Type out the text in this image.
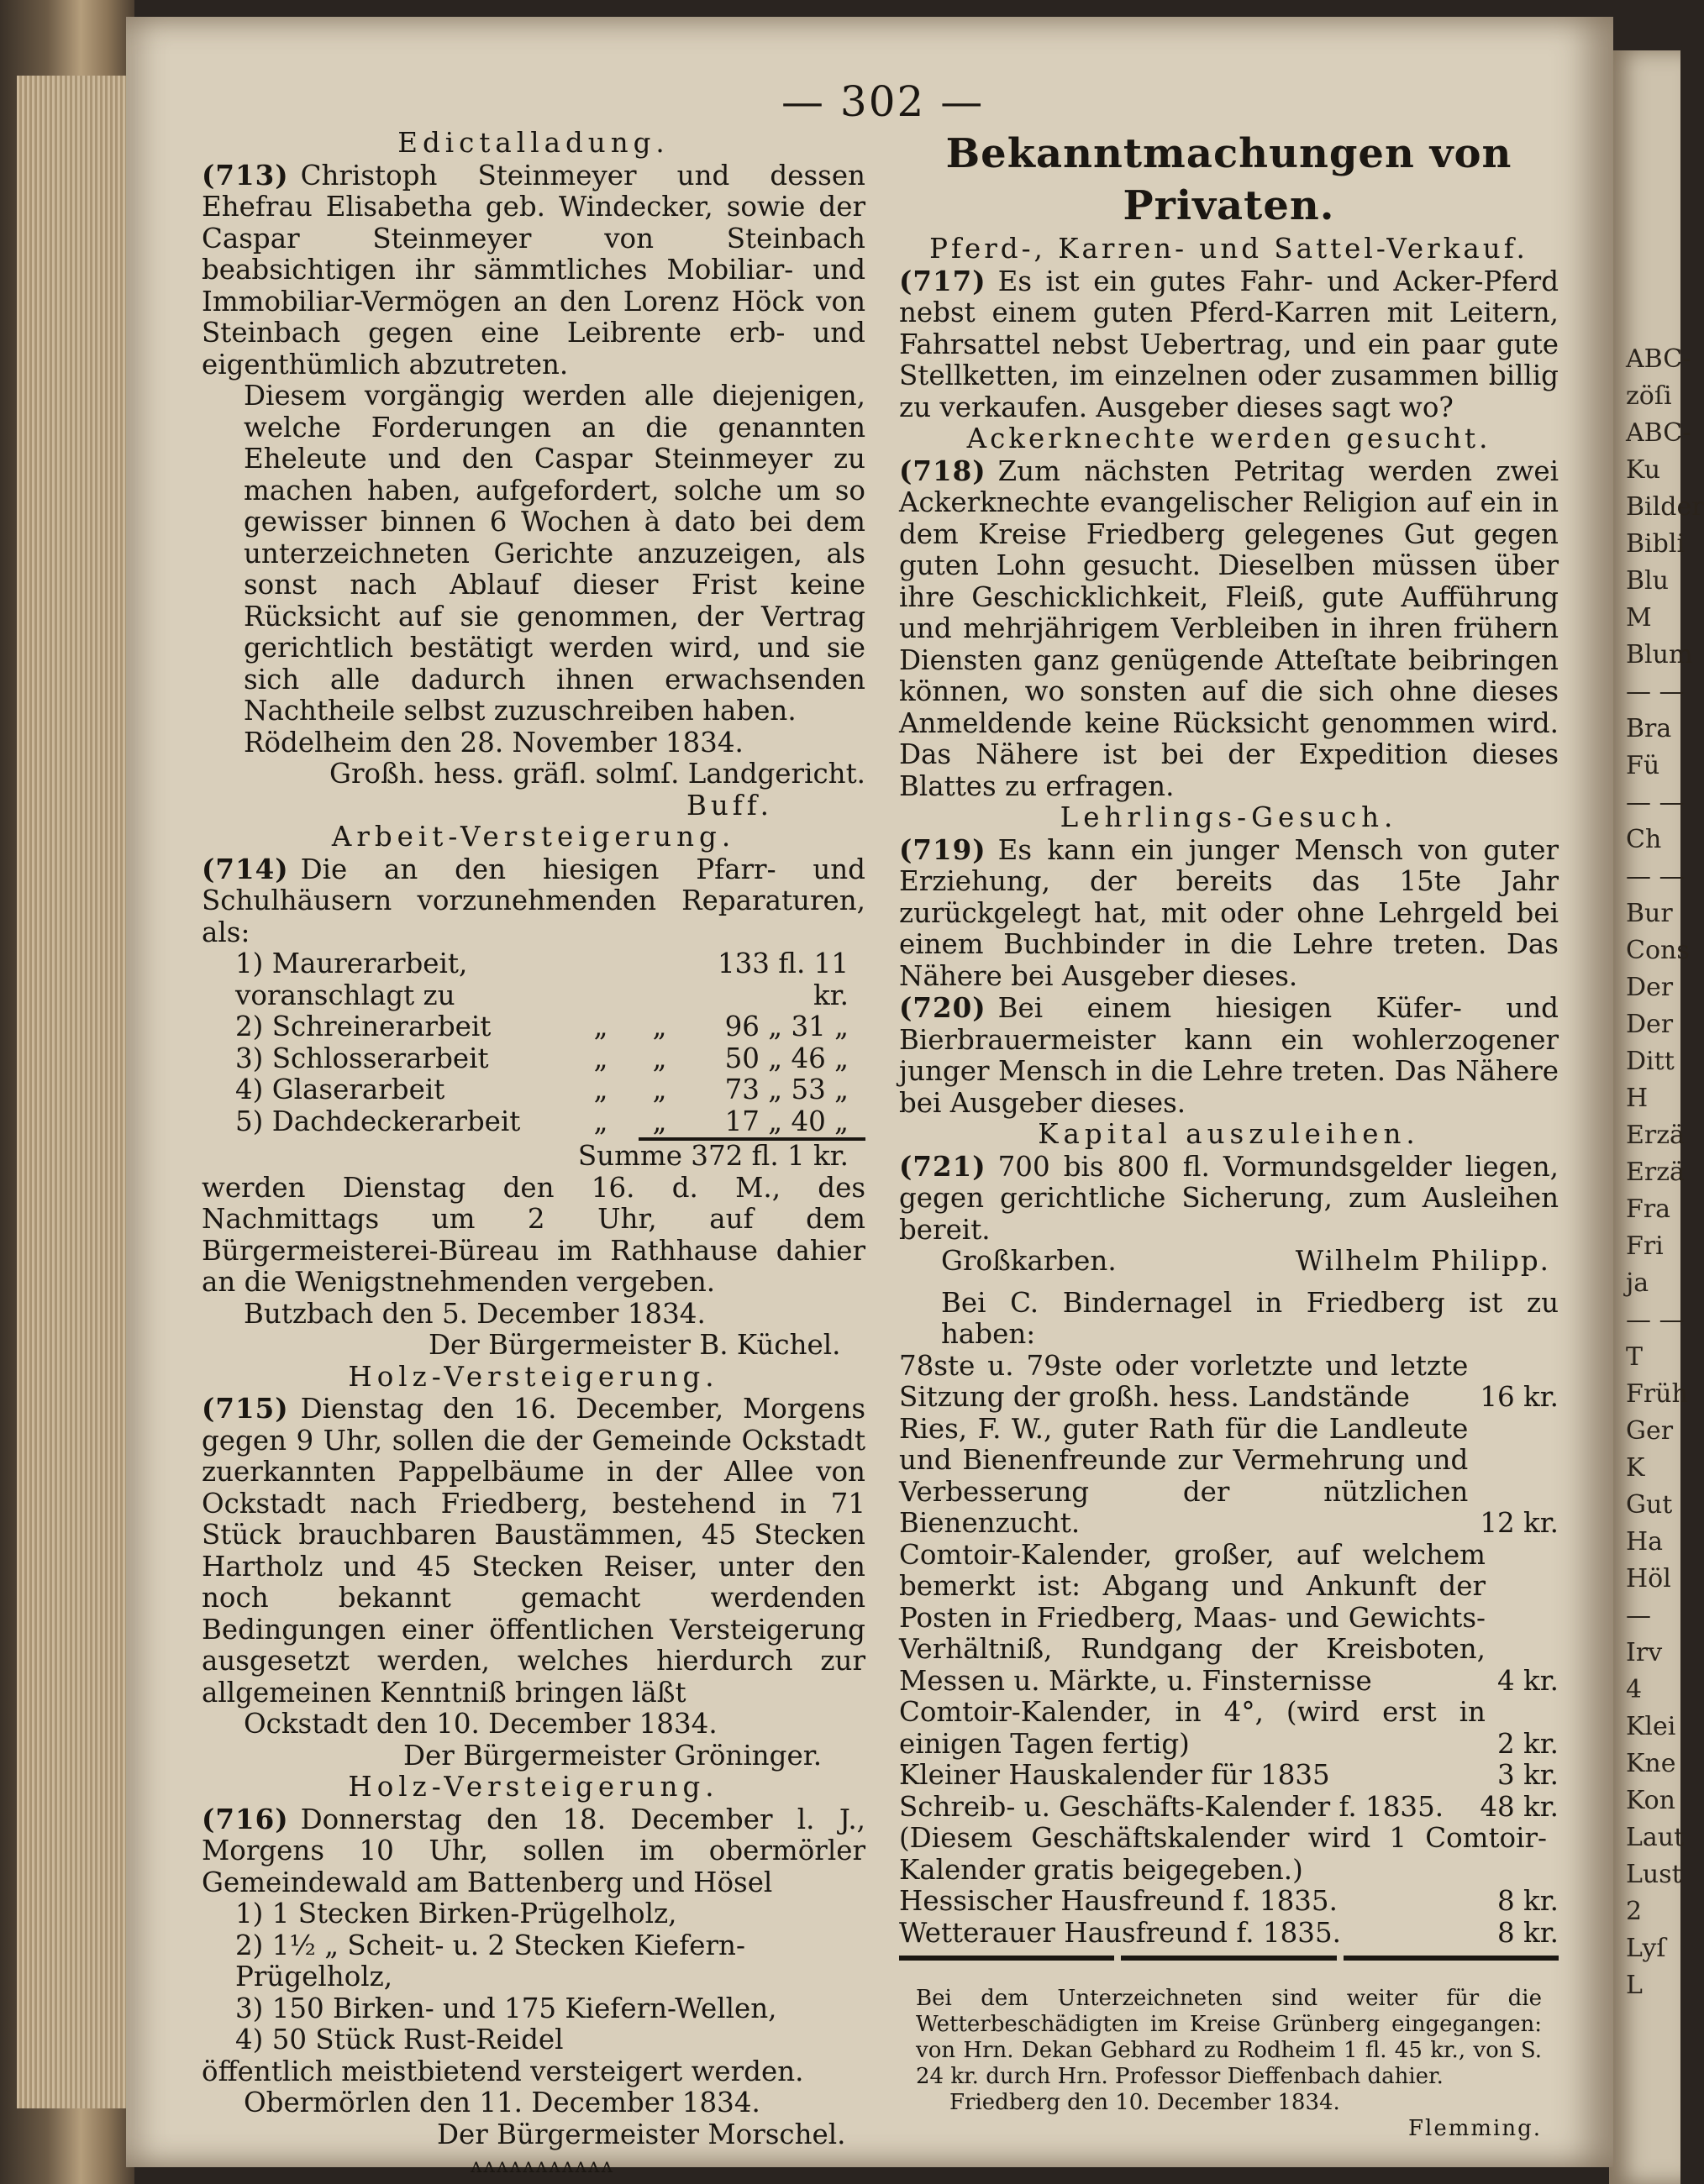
ABC-
zöſi
ABC-
Ku
Bilder
Bibli
Blu
M
Blum
— —
Bra
Fü
— —
Ch
— —
Bur
Cons
Der
Der
Ditt
H
Erzä
Erzä
Fra
Fri
ja
— —
T
Früh
Ger
K
Gut
Ha
Höl
—
Irv
4
Klei
Kne
Kon
Laut
Lust
2
Lyſ
L
— 302 —
Edictalladung.

(713) Christoph Steinmeyer und dessen Ehefrau Elisabetha geb. Windecker, sowie der Caspar Steinmeyer von Steinbach beabsichtigen ihr sämmtliches Mobiliar- und Immobiliar-Vermögen an den Lorenz Höck von Steinbach gegen eine Leibrente erb- und eigenthümlich abzutreten.

Diesem vorgängig werden alle diejenigen, welche Forderungen an die genannten Eheleute und den Caspar Steinmeyer zu machen haben, aufgefordert, solche um so gewisser binnen 6 Wochen à dato bei dem unterzeichneten Gerichte anzuzeigen, als sonst nach Ablauf dieser Frist keine Rücksicht auf sie genommen, der Vertrag gerichtlich bestätigt werden wird, und sie sich alle dadurch ihnen erwachsenden Nachtheile selbst zuzuschreiben haben.

Rödelheim den 28. November 1834.
Großh. hess. gräfl. solmſ. Landgericht.
Buff.
Arbeit-Versteigerung.

(714) Die an den hiesigen Pfarr- und Schulhäusern vorzunehmenden Reparaturen, als:

1) Maurerarbeit, voranschlagt zu
133 fl. 11 kr.
2) Schreinerarbeit	„	„	96 „ 31 „
3) Schlosserarbeit	„	„	50 „ 46 „
4) Glaserarbeit	„	„	73 „ 53 „
5) Dachdeckerarbeit	„	„	17 „ 40 „
Summe 372 fl. 1 kr.

werden Dienstag den 16. d. M., des Nachmittags um 2 Uhr, auf dem Bürgermeisterei-Büreau im Rathhause dahier an die Wenigstnehmenden vergeben.

Butzbach den 5. December 1834.
Der Bürgermeister B. Küchel.
Holz-Versteigerung.

(715) Dienstag den 16. December, Morgens gegen 9 Uhr, sollen die der Gemeinde Ockstadt zuerkannten Pappelbäume in der Allee von Ockstadt nach Friedberg, bestehend in 71 Stück brauchbaren Baustämmen, 45 Stecken Hartholz und 45 Stecken Reiser, unter den noch bekannt gemacht werdenden Bedingungen einer öffentlichen Versteigerung ausgesetzt werden, welches hierdurch zur allgemeinen Kenntniß bringen läßt

Ockstadt den 10. December 1834.
Der Bürgermeister Gröninger.
Holz-Versteigerung.

(716) Donnerstag den 18. December l. J., Morgens 10 Uhr, sollen im obermörler Gemeindewald am Battenberg und Hösel

1) 1 Stecken Birken-Prügelholz,
2) 1½ „ Scheit- u. 2 Stecken Kiefern-Prügelholz,
3) 150 Birken- und 175 Kiefern-Wellen,
4) 50 Stück Rust-Reidel
öffentlich meistbietend versteigert werden.
Obermörlen den 11. December 1834.
Der Bürgermeister Morschel.
ʌʌʌʌʌʌʌʌʌʌʌ
Bekanntmachungen von Privaten.
Pferd-, Karren- und Sattel-Verkauf.

(717) Es ist ein gutes Fahr- und Acker-Pferd nebst einem guten Pferd-Karren mit Leitern, Fahrsattel nebst Uebertrag, und ein paar gute Stellketten, im einzelnen oder zusammen billig zu verkaufen. Ausgeber dieses sagt wo?

Ackerknechte werden gesucht.

(718) Zum nächsten Petritag werden zwei Ackerknechte evangelischer Religion auf ein in dem Kreise Friedberg gelegenes Gut gegen guten Lohn gesucht. Dieselben müssen über ihre Geschicklichkeit, Fleiß, gute Aufführung und mehrjährigem Verbleiben in ihren frühern Diensten ganz genügende Atteſtate beibringen können, wo sonsten auf die sich ohne dieses Anmeldende keine Rücksicht genommen wird. Das Nähere ist bei der Expedition dieses Blattes zu erfragen.

Lehrlings-Gesuch.

(719) Es kann ein junger Mensch von guter Erziehung, der bereits das 15te Jahr zurückgelegt hat, mit oder ohne Lehrgeld bei einem Buchbinder in die Lehre treten. Das Nähere bei Ausgeber dieses.

(720) Bei einem hiesigen Küfer- und Bierbrauermeister kann ein wohlerzogener junger Mensch in die Lehre treten. Das Nähere bei Ausgeber dieses.

Kapital auszuleihen.

(721) 700 bis 800 fl. Vormundsgelder liegen, gegen gerichtliche Sicherung, zum Ausleihen bereit.

Großkarben.	Wilhelm Philipp.
Bei C. Bindernagel in Friedberg ist zu haben:
78ste u. 79ste oder vorletzte und letzte Sitzung der großh. hess. Landstände	16 kr.
Ries, F. W., guter Rath für die Landleute und Bienenfreunde zur Vermehrung und Verbesserung der nützlichen Bienenzucht.	12 kr.
Comtoir-Kalender, großer, auf welchem bemerkt ist: Abgang und Ankunft der Posten in Friedberg, Maas- und Gewichts-Verhältniß, Rundgang der Kreisboten, Messen u. Märkte, u. Finsternisse	4 kr.
Comtoir-Kalender, in 4°, (wird erst in einigen Tagen fertig)	2 kr.
Kleiner Hauskalender für 1835	3 kr.
Schreib- u. Geschäfts-Kalender f. 1835.	48 kr.
(Diesem Geschäftskalender wird 1 Comtoir-Kalender gratis beigegeben.)
Hessischer Hausfreund f. 1835.	8 kr.
Wetterauer Hausfreund f. 1835.	8 kr.
Bei dem Unterzeichneten sind weiter für die Wetterbeschädigten im Kreise Grünberg eingegangen: von Hrn. Dekan Gebhard zu Rodheim 1 fl. 45 kr., von S. 24 kr. durch Hrn. Professor Dieffenbach dahier.
Friedberg den 10. December 1834.
Flemming.
